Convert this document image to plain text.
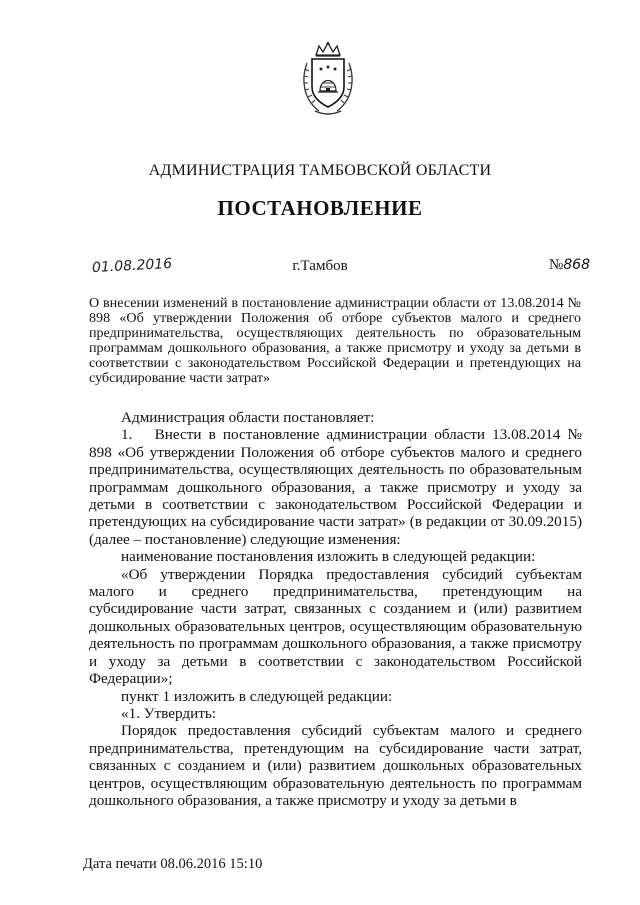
АДМИНИСТРАЦИЯ ТАМБОВСКОЙ ОБЛАСТИ
ПОСТАНОВЛЕНИЕ
01.08.2016	г.Тамбов	№868
О внесении изменений в постановление администрации области от 13.08.2014 № 898 «Об утверждении Положения об отборе субъектов малого и среднего предпринимательства, осуществляющих деятельность по образовательным программам дошкольного образования, а также присмотру и уходу за детьми в соответствии с законодательством Российской Федерации и претендующих на субсидирование части затрат»

Администрация области постановляет:

1.  Внести в постановление администрации области 13.08.2014 № 898 «Об утверждении Положения об отборе субъектов малого и среднего предпринимательства, осуществляющих деятельность по образовательным программам дошкольного образования, а также присмотру и уходу за детьми в соответствии с законодательством Российской Федерации и претендующих на субсидирование части затрат» (в редакции от 30.09.2015) (далее – постановление) следующие изменения:

наименование постановления изложить в следующей редакции:

«Об утверждении Порядка предоставления субсидий субъектам малого и среднего предпринимательства, претендующим на субсидирование части затрат, связанных с созданием и (или) развитием дошкольных образовательных центров, осуществляющим образовательную деятельность по программам дошкольного образования, а также присмотру и уходу за детьми в соответствии с законодательством Российской Федерации»;

пункт 1 изложить в следующей редакции:

«1. Утвердить:

Порядок предоставления субсидий субъектам малого и среднего предпринимательства, претендующим на субсидирование части затрат, связанных с созданием и (или) развитием дошкольных образовательных центров, осуществляющим образовательную деятельность по программам дошкольного образования, а также присмотру и уходу за детьми в

Дата печати 08.06.2016 15:10
